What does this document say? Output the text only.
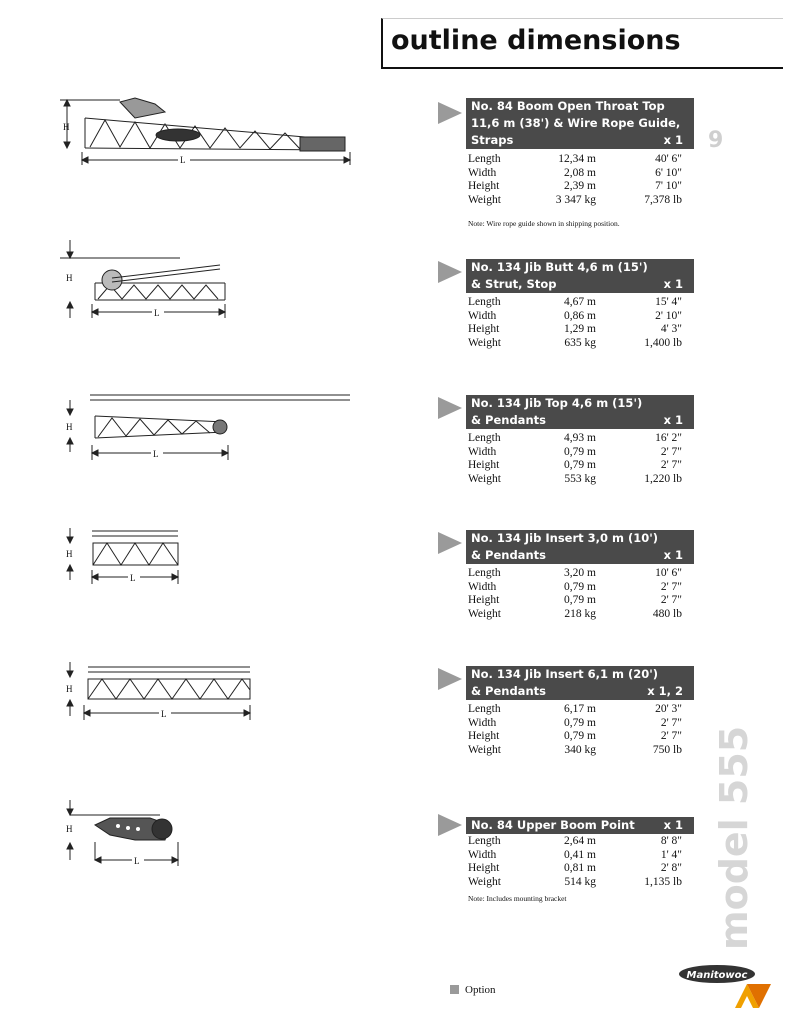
outline dimensions
9
model 555
H
L
H
L
H
L
H
L
H
L
H
L
No. 84 Boom Open Throat Top
11,6 m (38') & Wire Rope Guide,
Straps	x 1
Length	12,34 m	40' 6"
Width	2,08 m	6' 10"
Height	2,39 m	7' 10"
Weight	3 347 kg	7,378 lb
Note: Wire rope guide shown in shipping position.
No. 134 Jib Butt 4,6 m (15')
& Strut, Stop	x 1
Length	4,67 m	15' 4"
Width	0,86 m	2' 10"
Height	1,29 m	4' 3"
Weight	635 kg	1,400 lb
No. 134 Jib Top 4,6 m (15')
& Pendants	x 1
Length	4,93 m	16' 2"
Width	0,79 m	2' 7"
Height	0,79 m	2' 7"
Weight	553 kg	1,220 lb
No. 134 Jib Insert 3,0 m (10')
& Pendants	x 1
Length	3,20 m	10' 6"
Width	0,79 m	2' 7"
Height	0,79 m	2' 7"
Weight	218 kg	480 lb
No. 134 Jib Insert 6,1 m (20')
& Pendants	x 1, 2
Length	6,17 m	20' 3"
Width	0,79 m	2' 7"
Height	0,79 m	2' 7"
Weight	340 kg	750 lb
No. 84 Upper Boom Point	x 1
Length	2,64 m	8' 8"
Width	0,41 m	1' 4"
Height	0,81 m	2' 8"
Weight	514 kg	1,135 lb
Note: Includes mounting bracket
Option
Manitowoc
